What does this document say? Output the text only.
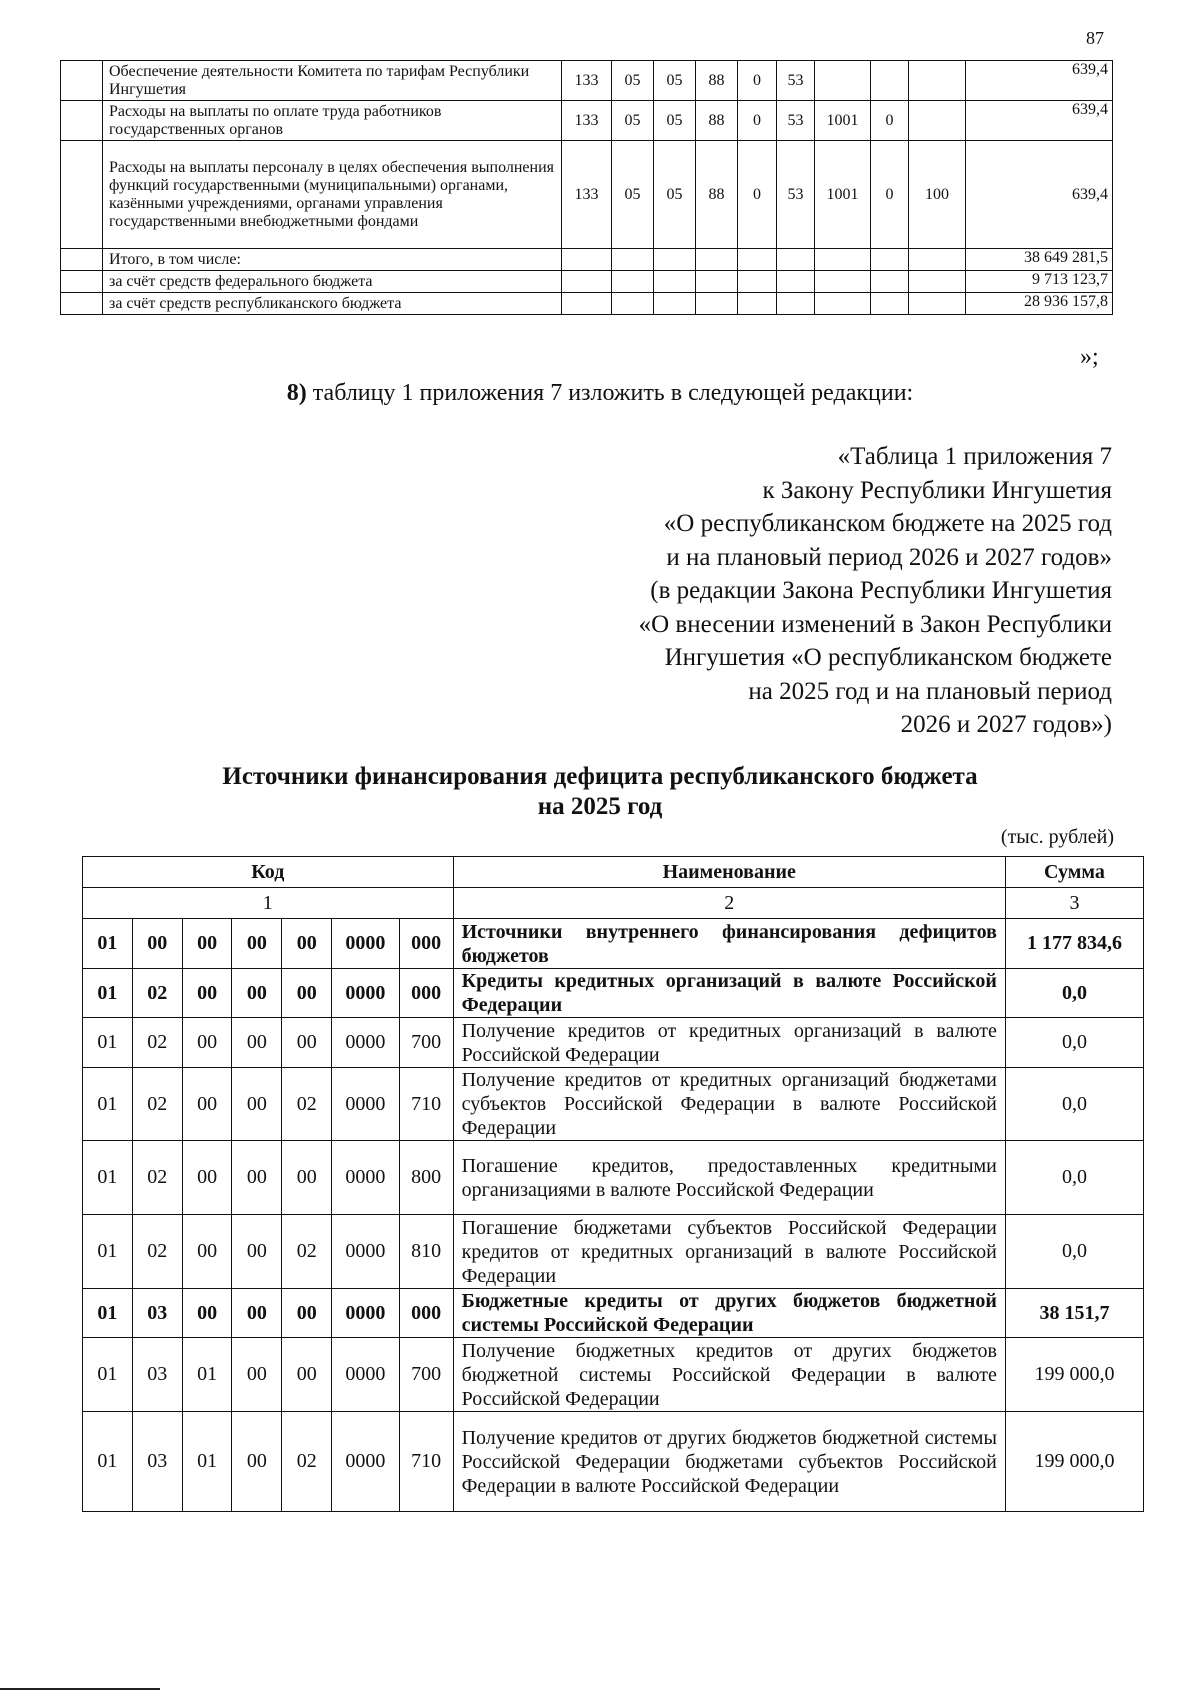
87
	Обеспечение деятельности Комитета по тарифам Республики Ингушетия	133	05	05	88	0	53				639,4
	Расходы на выплаты по оплате труда работников государственных органов	133	05	05	88	0	53	1001	0		639,4
	Расходы на выплаты персоналу в целях обеспечения выполнения функций государственными (муниципальными) органами, казёнными учреждениями, органами управления государственными внебюджетными фондами	133	05	05	88	0	53	1001	0	100	639,4
	Итого, в том числе:										38 649 281,5
	за счёт средств федерального бюджета										9 713 123,7
	за счёт средств республиканского бюджета										28 936 157,8
»;
8) таблицу 1 приложения 7 изложить в следующей редакции:
«Таблица 1 приложения 7
к Закону Республики Ингушетия
«О республиканском бюджете на 2025 год
и на плановый период 2026 и 2027 годов»
(в редакции Закона Республики Ингушетия
«О внесении изменений в Закон Республики
Ингушетия «О республиканском бюджете
на 2025 год и на плановый период
2026 и 2027 годов»)
Источники финансирования дефицита республиканского бюджета
на 2025 год
(тыс. рублей)
Код							Наименование	Сумма
1							2	3
01	00	00	00	00	0000	000	Источники внутреннего финансирования дефицитов бюджетов	1 177 834,6
01	02	00	00	00	0000	000	Кредиты кредитных организаций в валюте Российской Федерации	0,0
01	02	00	00	00	0000	700	Получение кредитов от кредитных организаций в валюте Российской Федерации	0,0
01	02	00	00	02	0000	710	Получение кредитов от кредитных организаций бюджетами субъектов Российской Федерации в валюте Российской Федерации	0,0
01	02	00	00	00	0000	800	Погашение кредитов, предоставленных кредитными организациями в валюте Российской Федерации	0,0
01	02	00	00	02	0000	810	Погашение бюджетами субъектов Российской Федерации кредитов от кредитных организаций в валюте Российской Федерации	0,0
01	03	00	00	00	0000	000	Бюджетные кредиты от других бюджетов бюджетной системы Российской Федерации	38 151,7
01	03	01	00	00	0000	700	Получение бюджетных кредитов от других бюджетов бюджетной системы Российской Федерации в валюте Российской Федерации	199 000,0
01	03	01	00	02	0000	710	Получение кредитов от других бюджетов бюджетной системы Российской Федерации бюджетами субъектов Российской Федерации в валюте Российской Федерации	199 000,0
